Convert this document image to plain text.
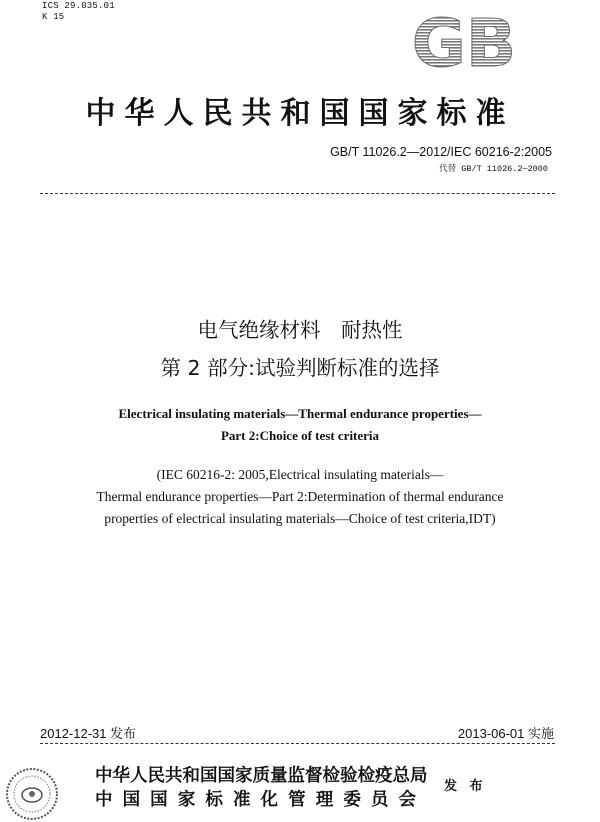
ICS 29.035.01
K 15	GB
中华人民共和国国家标准
GB/T 11026.2—2012/IEC 60216-2:2005
代替 GB/T 11026.2—2000
电气绝缘材料　耐热性
第 2 部分:试验判断标准的选择
Electrical insulating materials—Thermal endurance properties—
Part 2:Choice of test criteria
(IEC 60216-2: 2005,Electrical insulating materials—
Thermal endurance properties—Part 2:Determination of thermal endurance
properties of electrical insulating materials—Choice of test criteria,IDT)
2012-12-31 发布	2013-06-01 实施
中华人民共和国国家质量监督检验检疫总局
中 国 国 家 标 准 化 管 理 委 员 会
发 布
